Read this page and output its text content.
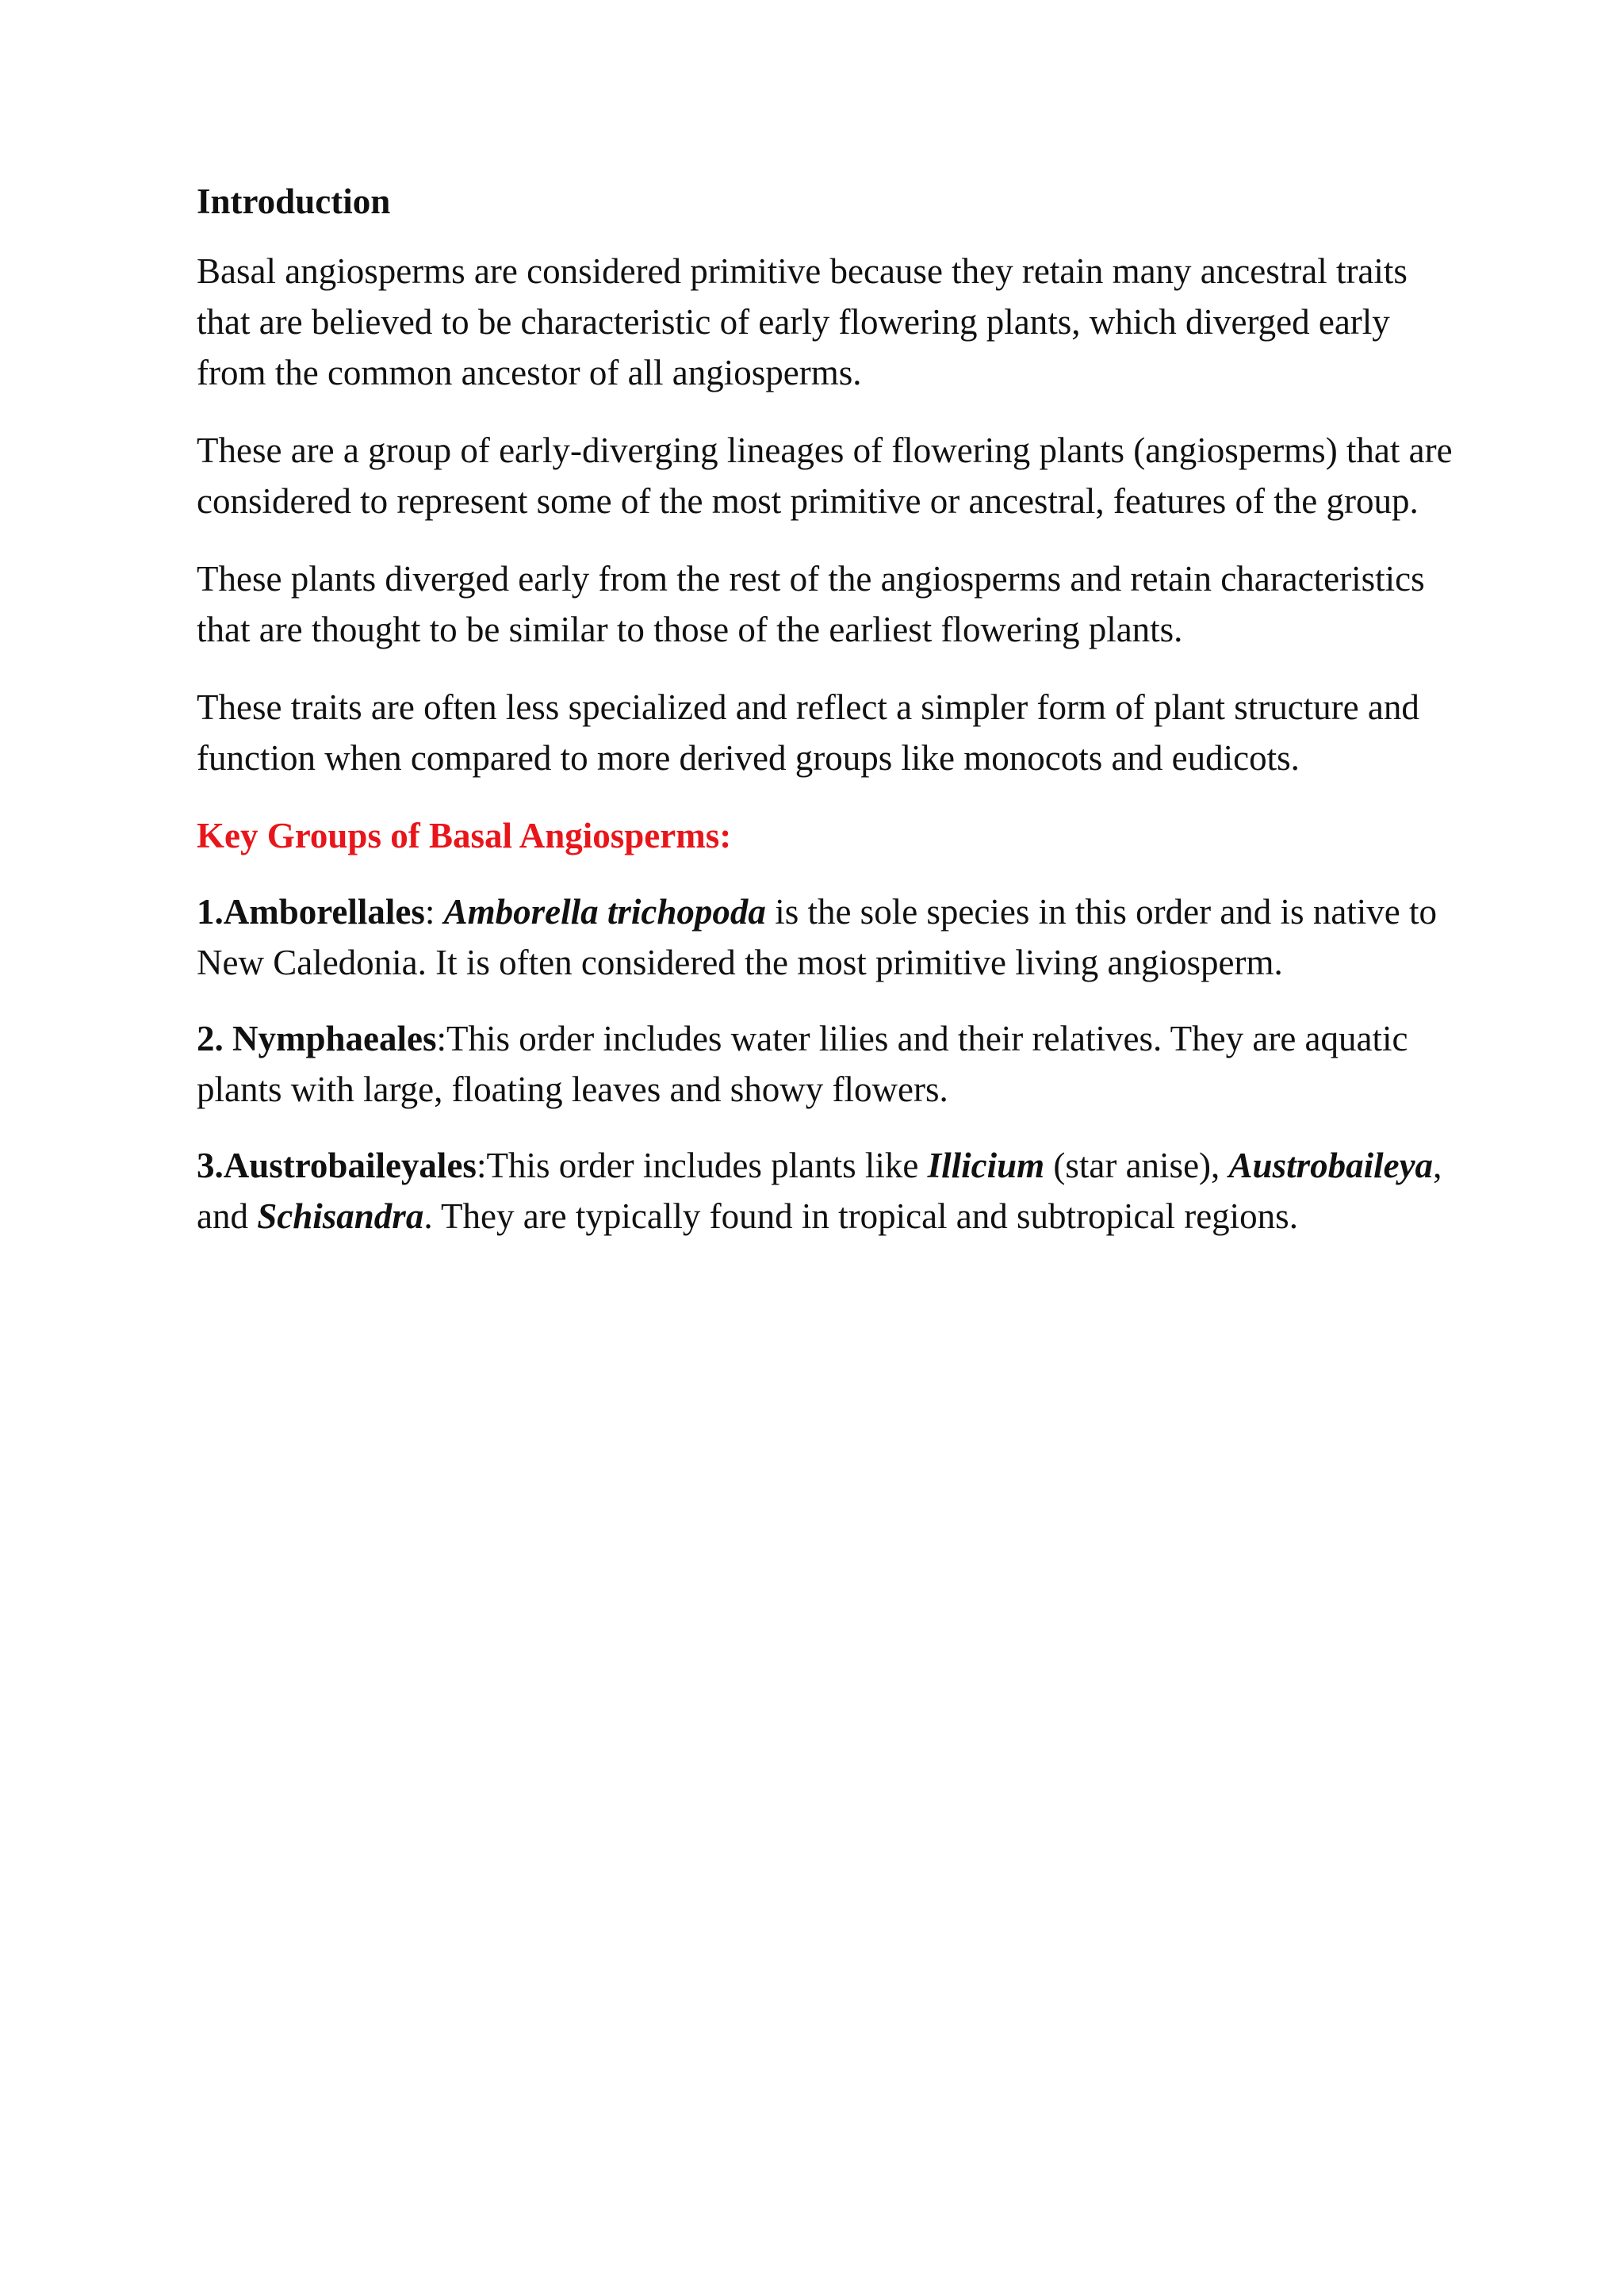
Introduction

Basal angiosperms are considered primitive because they retain many ancestral traits that are believed to be characteristic of early flowering plants, which diverged early from the common ancestor of all angiosperms.

These are a group of early-diverging lineages of flowering plants (angiosperms) that are considered to represent some of the most primitive or ancestral, features of the group.

These plants diverged early from the rest of the angiosperms and retain characteristics that are thought to be similar to those of the earliest flowering plants.

These traits are often less specialized and reflect a simpler form of plant structure and function when compared to more derived groups like monocots and eudicots.

Key Groups of Basal Angiosperms:

1.Amborellales: Amborella trichopoda is the sole species in this order and is native to New Caledonia. It is often considered the most primitive living angiosperm.

2. Nymphaeales:This order includes water lilies and their relatives. They are aquatic plants with large, floating leaves and showy flowers.

3.Austrobaileyales:This order includes plants like Illicium (star anise), Austrobaileya, and Schisandra. They are typically found in tropical and subtropical regions.
